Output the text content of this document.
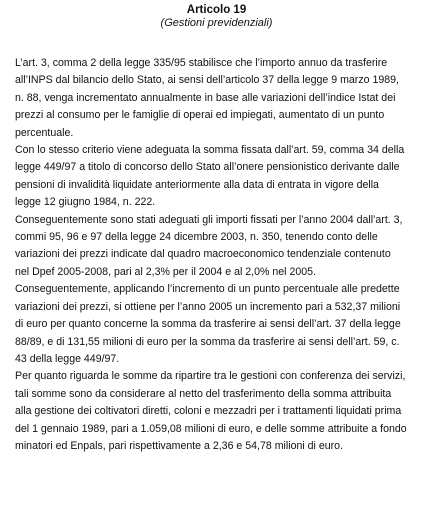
Articolo 19

(Gestioni previdenziali)

L’art. 3, comma 2 della legge 335/95 stabilisce che l’importo annuo da trasferire
all’INPS dal bilancio dello Stato, ai sensi dell’articolo 37 della legge 9 marzo 1989,
n. 88, venga incrementato annualmente in base alle variazioni dell’indice Istat dei
prezzi al consumo per le famiglie di operai ed impiegati, aumentato di un punto
percentuale.
Con lo stesso criterio viene adeguata la somma fissata dall’art. 59, comma 34 della
legge 449/97 a titolo di concorso dello Stato all’onere pensionistico derivante dalle
pensioni di invalidità liquidate anteriormente alla data di entrata in vigore della
legge 12 giugno 1984, n. 222.
Conseguentemente sono stati adeguati gli importi fissati per l’anno 2004 dall’art. 3,
commi 95, 96 e 97 della legge 24 dicembre 2003, n. 350, tenendo conto delle
variazioni dei prezzi indicate dal quadro macroeconomico tendenziale contenuto
nel Dpef 2005-2008, pari al 2,3% per il 2004 e al 2,0% nel 2005.
Conseguentemente, applicando l’incremento di un punto percentuale alle predette
variazioni dei prezzi, si ottiene per l’anno 2005 un incremento pari a 532,37 milioni
di euro per quanto concerne la somma da trasferire ai sensi dell’art. 37 della legge
88/89, e di 131,55 milioni di euro per la somma da trasferire ai sensi dell’art. 59, c.
43 della legge 449/97.
Per quanto riguarda le somme da ripartire tra le gestioni con conferenza dei servizi,
tali somme sono da considerare al netto del trasferimento della somma attribuita
alla gestione dei coltivatori diretti, coloni e mezzadri per i trattamenti liquidati prima
del 1 gennaio 1989, pari a 1.059,08 milioni di euro, e delle somme attribuite a fondo
minatori ed Enpals, pari rispettivamente a 2,36 e 54,78 milioni di euro.
